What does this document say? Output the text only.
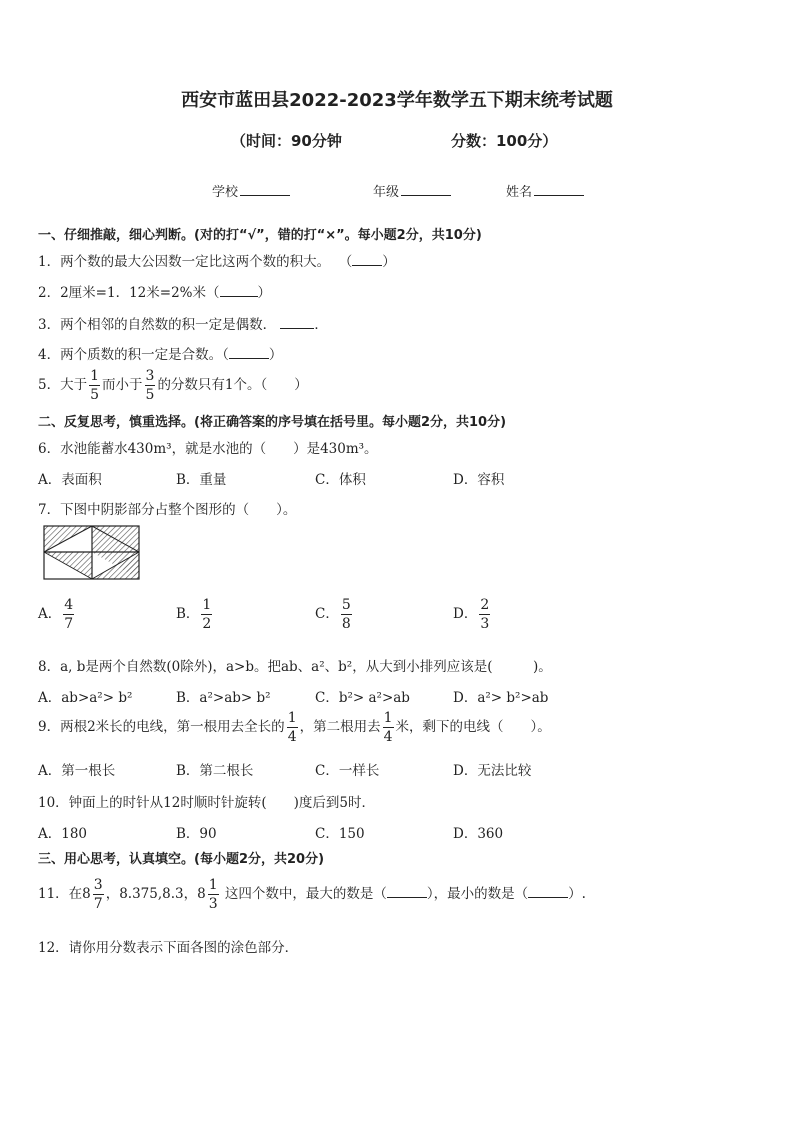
西安市蓝田县2022-2023学年数学五下期末统考试题
（时间：90分钟	分数：100分）
学校	年级	姓名
一、仔细推敲，细心判断。(对的打“√”，错的打“×”。每小题2分，共10分)
1．两个数的最大公因数一定比这两个数的积大。 （ ）
2．2厘米=1．12米=2%米（	）
3．两个相邻的自然数的积一定是偶数．	．
4．两个质数的积一定是合数。（	）
5．大于 $\frac{1}{5}$ 而小于 $\frac{3}{5}$ 的分数只有1个。（　　）
二、反复思考，慎重选择。(将正确答案的序号填在括号里。每小题2分，共10分)
6．水池能蓄水430m³，就是水池的（　　）是430m³。
A．表面积	B．重量	C．体积	D．容积
7．下图中阴影部分占整个图形的（　　）。
A． $\frac{4}{7}$	B． $\frac{1}{2}$	C． $\frac{5}{8}$	D． $\frac{2}{3}$
8．a, b是两个自然数(0除外)，a>b。把ab、a²、b²，从大到小排列应该是(　　　)。
A．ab>a²> b²	B．a²>ab> b²	C．b²> a²>ab	D．a²> b²>ab
9．两根2米长的电线，第一根用去全长的 $\frac{1}{4}$ ，第二根用去 $\frac{1}{4}$ 米，剩下的电线（　　）。
A．第一根长	B．第二根长	C．一样长	D．无法比较
10．钟面上的时针从12时顺时针旋转(　　)度后到5时．
A．180	B．90	C．150	D．360
三、用心思考，认真填空。(每小题2分，共20分)
11．在$8 \frac{3}{7}$ ，8.375,8.3，$8 \frac{1}{3}$ 这四个数中，最大的数是（	），最小的数是（	）.
12．请你用分数表示下面各图的涂色部分．
